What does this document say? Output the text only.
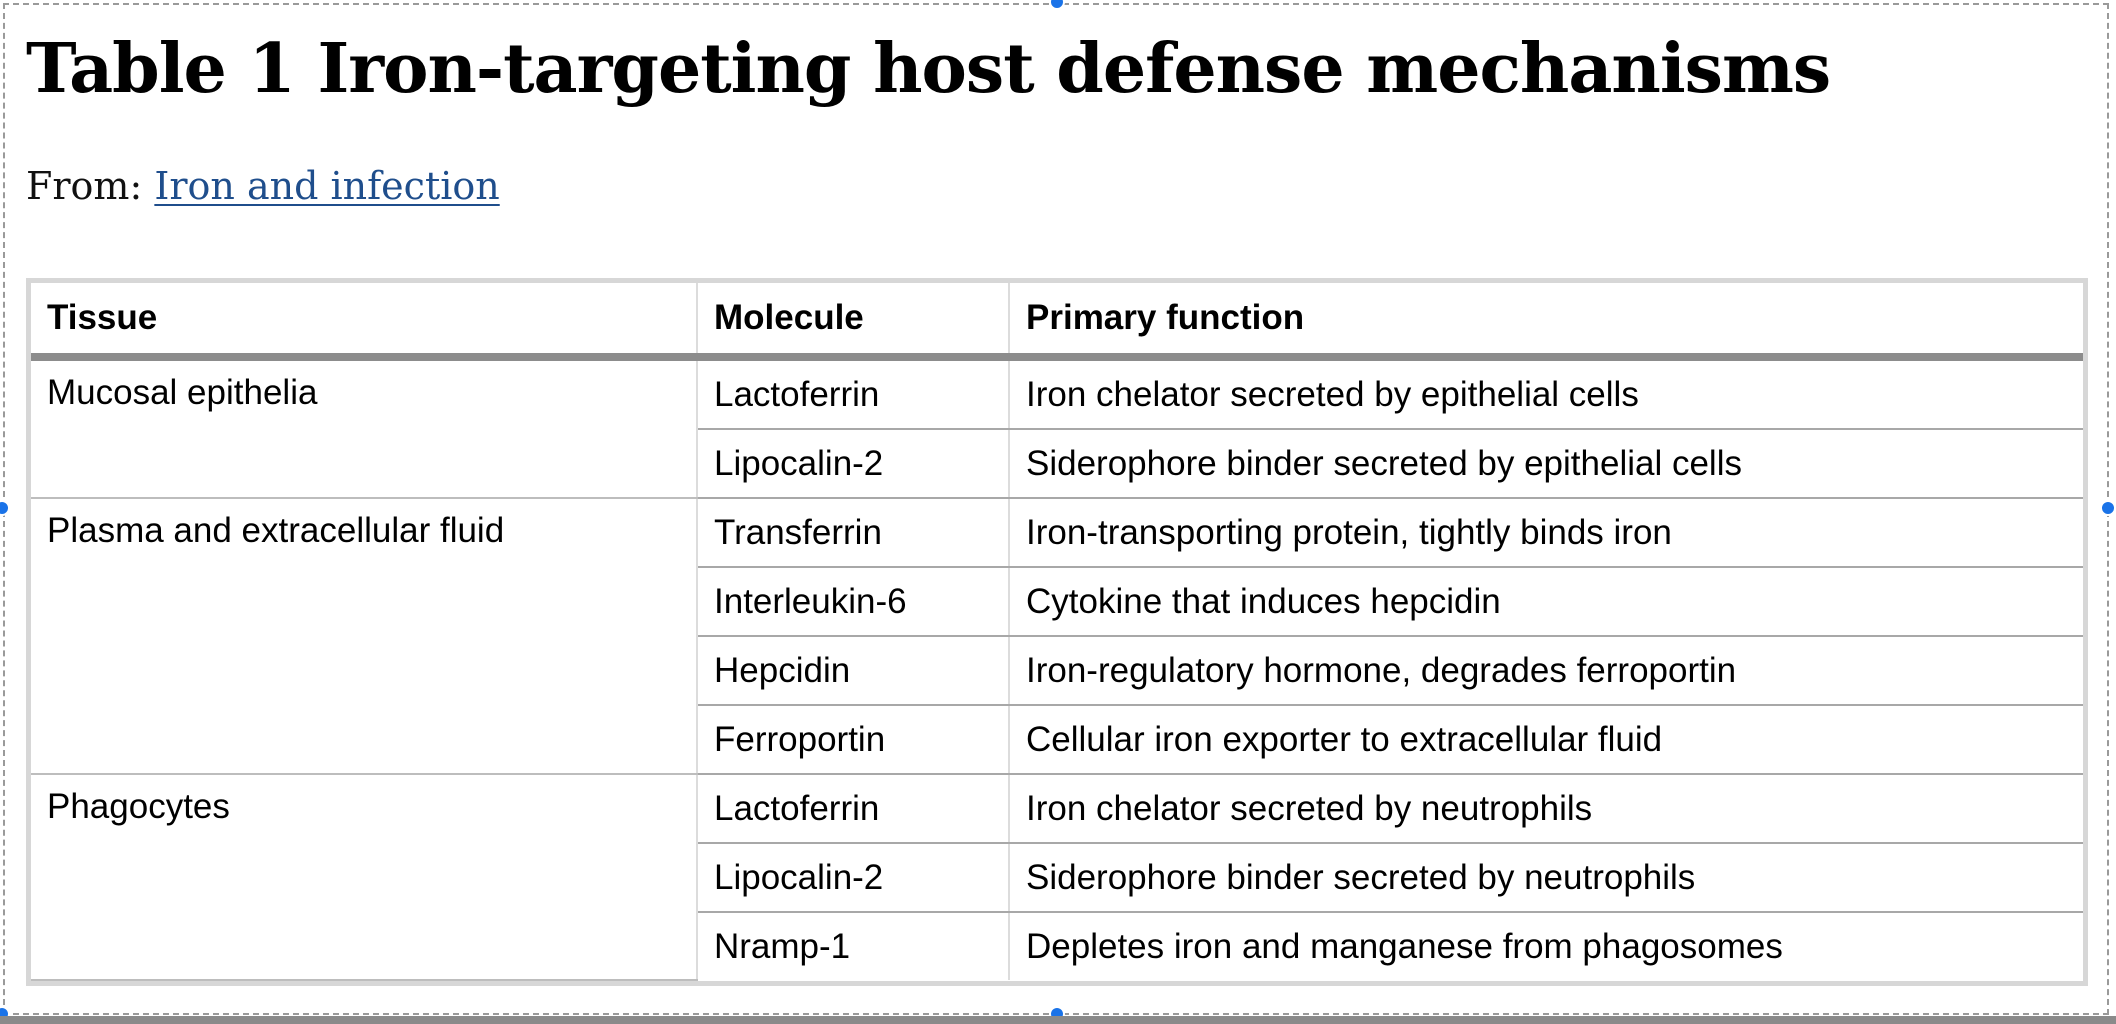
Table 1 Iron-targeting host defense mechanisms
From: Iron and infection
Tissue	Molecule	Primary function
Mucosal epithelia	Lactoferrin	Iron chelator secreted by epithelial cells
	Lipocalin-2	Siderophore binder secreted by epithelial cells
Plasma and extracellular fluid	Transferrin	Iron-transporting protein, tightly binds iron
	Interleukin-6	Cytokine that induces hepcidin
	Hepcidin	Iron-regulatory hormone, degrades ferroportin
	Ferroportin	Cellular iron exporter to extracellular fluid
Phagocytes	Lactoferrin	Iron chelator secreted by neutrophils
	Lipocalin-2	Siderophore binder secreted by neutrophils
	Nramp-1	Depletes iron and manganese from phagosomes
